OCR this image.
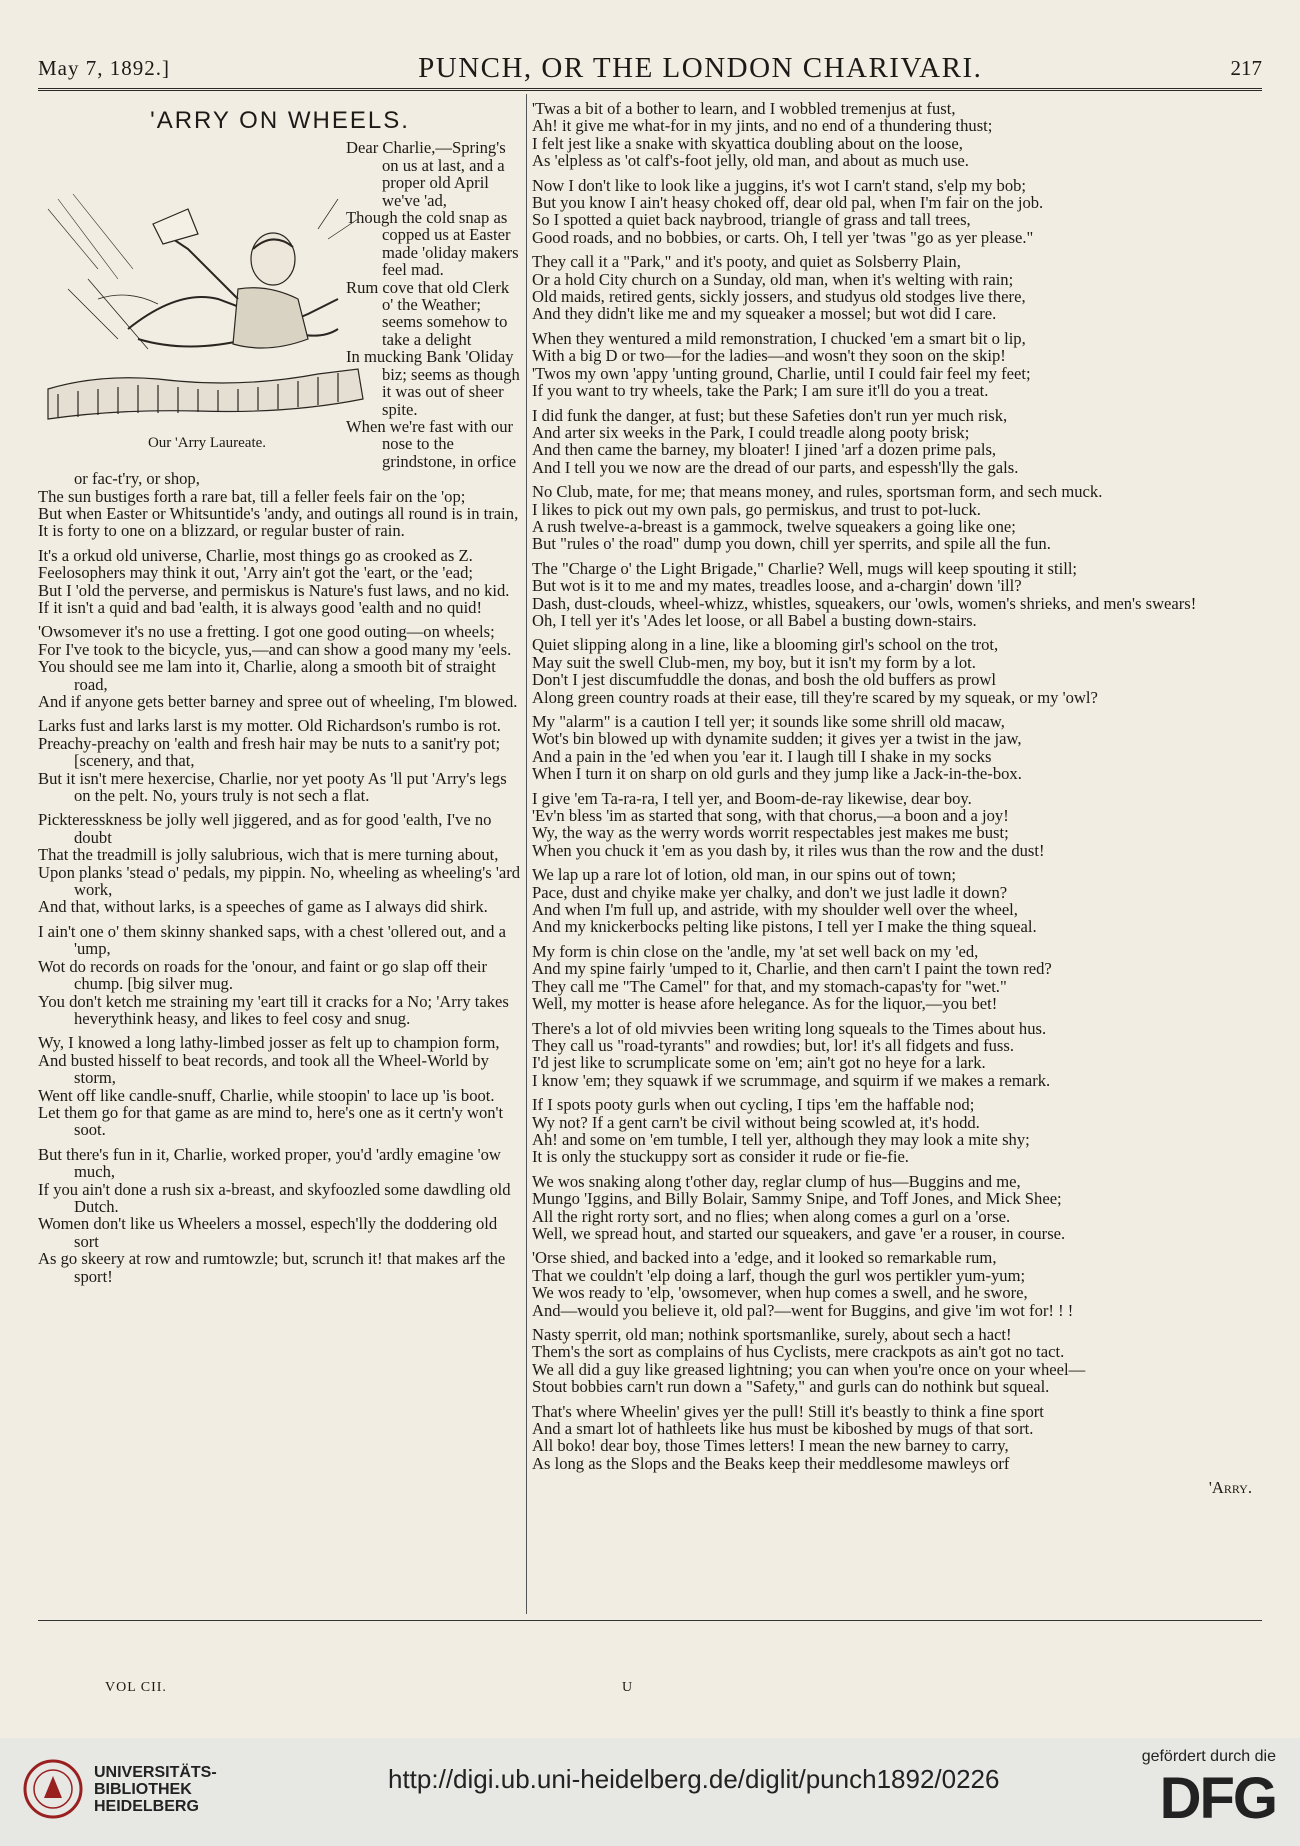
May 7, 1892.]	PUNCH, OR THE LONDON CHARIVARI.	217
'ARRY ON WHEELS.
Our 'Arry Laureate.
Dear Charlie,—Spring's on us at last, and a proper old April we've 'ad,
Though the cold snap as copped us at Easter made 'oliday makers feel mad.
Rum cove that old Clerk o' the Weather; seems somehow to take a delight
In mucking Bank 'Oliday biz; seems as though it was out of sheer spite.
When we're fast with our nose to the grindstone, in orfice or fac-t'ry, or shop,
The sun bustiges forth a rare bat, till a feller feels fair on the 'op;
But when Easter or Whitsuntide's 'andy, and outings all round is in train,
It is forty to one on a blizzard, or regular buster of rain.
It's a orkud old universe, Charlie, most things go as crooked as Z.
Feelosophers may think it out, 'Arry ain't got the 'eart, or the 'ead;
But I 'old the perverse, and permiskus is Nature's fust laws, and no kid.
If it isn't a quid and bad 'ealth, it is always good 'ealth and no quid!
'Owsomever it's no use a fretting. I got one good outing—on wheels;
For I've took to the bicycle, yus,—and can show a good many my 'eels.
You should see me lam into it, Charlie, along a smooth bit of straight road,
And if anyone gets better barney and spree out of wheeling, I'm blowed.
Larks fust and larks larst is my motter. Old Richardson's rumbo is rot.
Preachy-preachy on 'ealth and fresh hair may be nuts to a sanit'ry pot; [scenery, and that,
But it isn't mere hexercise, Charlie, nor yet pooty As 'll put 'Arry's legs on the pelt. No, yours truly is not sech a flat.
Pickteresskness be jolly well jiggered, and as for good 'ealth, I've no doubt
That the treadmill is jolly salubrious, wich that is mere turning about,
Upon planks 'stead o' pedals, my pippin. No, wheeling as wheeling's 'ard work,
And that, without larks, is a speeches of game as I always did shirk.
I ain't one o' them skinny shanked saps, with a chest 'ollered out, and a 'ump,
Wot do records on roads for the 'onour, and faint or go slap off their chump. [big silver mug.
You don't ketch me straining my 'eart till it cracks for a No; 'Arry takes heverythink heasy, and likes to feel cosy and snug.
Wy, I knowed a long lathy-limbed josser as felt up to champion form,
And busted hisself to beat records, and took all the Wheel-World by storm,
Went off like candle-snuff, Charlie, while stoopin' to lace up 'is boot.
Let them go for that game as are mind to, here's one as it certn'y won't soot.
But there's fun in it, Charlie, worked proper, you'd 'ardly emagine 'ow much,
If you ain't done a rush six a-breast, and skyfoozled some dawdling old Dutch.
Women don't like us Wheelers a mossel, espech'lly the doddering old sort
As go skeery at row and rumtowzle; but, scrunch it! that makes arf the sport!
'Twas a bit of a bother to learn, and I wobbled tremenjus at fust,
Ah! it give me what-for in my jints, and no end of a thundering thust;
I felt jest like a snake with skyattica doubling about on the loose,
As 'elpless as 'ot calf's-foot jelly, old man, and about as much use.
Now I don't like to look like a juggins, it's wot I carn't stand, s'elp my bob;
But you know I ain't heasy choked off, dear old pal, when I'm fair on the job.
So I spotted a quiet back naybrood, triangle of grass and tall trees,
Good roads, and no bobbies, or carts. Oh, I tell yer 'twas "go as yer please."
They call it a "Park," and it's pooty, and quiet as Solsberry Plain,
Or a hold City church on a Sunday, old man, when it's welting with rain;
Old maids, retired gents, sickly jossers, and studyus old stodges live there,
And they didn't like me and my squeaker a mossel; but wot did I care.
When they wentured a mild remonstration, I chucked 'em a smart bit o lip,
With a big D or two—for the ladies—and wosn't they soon on the skip!
'Twos my own 'appy 'unting ground, Charlie, until I could fair feel my feet;
If you want to try wheels, take the Park; I am sure it'll do you a treat.
I did funk the danger, at fust; but these Safeties don't run yer much risk,
And arter six weeks in the Park, I could treadle along pooty brisk;
And then came the barney, my bloater! I jined 'arf a dozen prime pals,
And I tell you we now are the dread of our parts, and espessh'lly the gals.
No Club, mate, for me; that means money, and rules, sportsman form, and sech muck.
I likes to pick out my own pals, go permiskus, and trust to pot-luck.
A rush twelve-a-breast is a gammock, twelve squeakers a going like one;
But "rules o' the road" dump you down, chill yer sperrits, and spile all the fun.
The "Charge o' the Light Brigade," Charlie? Well, mugs will keep spouting it still;
But wot is it to me and my mates, treadles loose, and a-chargin' down 'ill?
Dash, dust-clouds, wheel-whizz, whistles, squeakers, our 'owls, women's shrieks, and men's swears!
Oh, I tell yer it's 'Ades let loose, or all Babel a busting down-stairs.
Quiet slipping along in a line, like a blooming girl's school on the trot,
May suit the swell Club-men, my boy, but it isn't my form by a lot.
Don't I jest discumfuddle the donas, and bosh the old buffers as prowl
Along green country roads at their ease, till they're scared by my squeak, or my 'owl?
My "alarm" is a caution I tell yer; it sounds like some shrill old macaw,
Wot's bin blowed up with dynamite sudden; it gives yer a twist in the jaw,
And a pain in the 'ed when you 'ear it. I laugh till I shake in my socks
When I turn it on sharp on old gurls and they jump like a Jack-in-the-box.
I give 'em Ta-ra-ra, I tell yer, and Boom-de-ray likewise, dear boy.
'Ev'n bless 'im as started that song, with that chorus,—a boon and a joy!
Wy, the way as the werry words worrit respectables jest makes me bust;
When you chuck it 'em as you dash by, it riles wus than the row and the dust!
We lap up a rare lot of lotion, old man, in our spins out of town;
Pace, dust and chyike make yer chalky, and don't we just ladle it down?
And when I'm full up, and astride, with my shoulder well over the wheel,
And my knickerbocks pelting like pistons, I tell yer I make the thing squeal.
My form is chin close on the 'andle, my 'at set well back on my 'ed,
And my spine fairly 'umped to it, Charlie, and then carn't I paint the town red?
They call me "The Camel" for that, and my stomach-capas'ty for "wet."
Well, my motter is hease afore helegance. As for the liquor,—you bet!
There's a lot of old mivvies been writing long squeals to the Times about hus.
They call us "road-tyrants" and rowdies; but, lor! it's all fidgets and fuss.
I'd jest like to scrumplicate some on 'em; ain't got no heye for a lark.
I know 'em; they squawk if we scrummage, and squirm if we makes a remark.
If I spots pooty gurls when out cycling, I tips 'em the haffable nod;
Wy not? If a gent carn't be civil without being scowled at, it's hodd.
Ah! and some on 'em tumble, I tell yer, although they may look a mite shy;
It is only the stuckuppy sort as consider it rude or fie-fie.
We wos snaking along t'other day, reglar clump of hus—Buggins and me,
Mungo 'Iggins, and Billy Bolair, Sammy Snipe, and Toff Jones, and Mick Shee;
All the right rorty sort, and no flies; when along comes a gurl on a 'orse.
Well, we spread hout, and started our squeakers, and gave 'er a rouser, in course.
'Orse shied, and backed into a 'edge, and it looked so remarkable rum,
That we couldn't 'elp doing a larf, though the gurl wos pertikler yum-yum;
We wos ready to 'elp, 'owsomever, when hup comes a swell, and he swore,
And—would you believe it, old pal?—went for Buggins, and give 'im wot for! ! !
Nasty sperrit, old man; nothink sportsmanlike, surely, about sech a hact!
Them's the sort as complains of hus Cyclists, mere crackpots as ain't got no tact.
We all did a guy like greased lightning; you can when you're once on your wheel—
Stout bobbies carn't run down a "Safety," and gurls can do nothink but squeal.
That's where Wheelin' gives yer the pull! Still it's beastly to think a fine sport
And a smart lot of hathleets like hus must be kiboshed by mugs of that sort.
All boko! dear boy, those Times letters! I mean the new barney to carry,
As long as the Slops and the Beaks keep their meddlesome mawleys orf
'Arry.
VOL CII.	U
UNIVERSITÄTS-
BIBLIOTHEK
HEIDELBERG
http://digi.ub.uni-heidelberg.de/diglit/punch1892/0226
gefördert durch die
DFG
